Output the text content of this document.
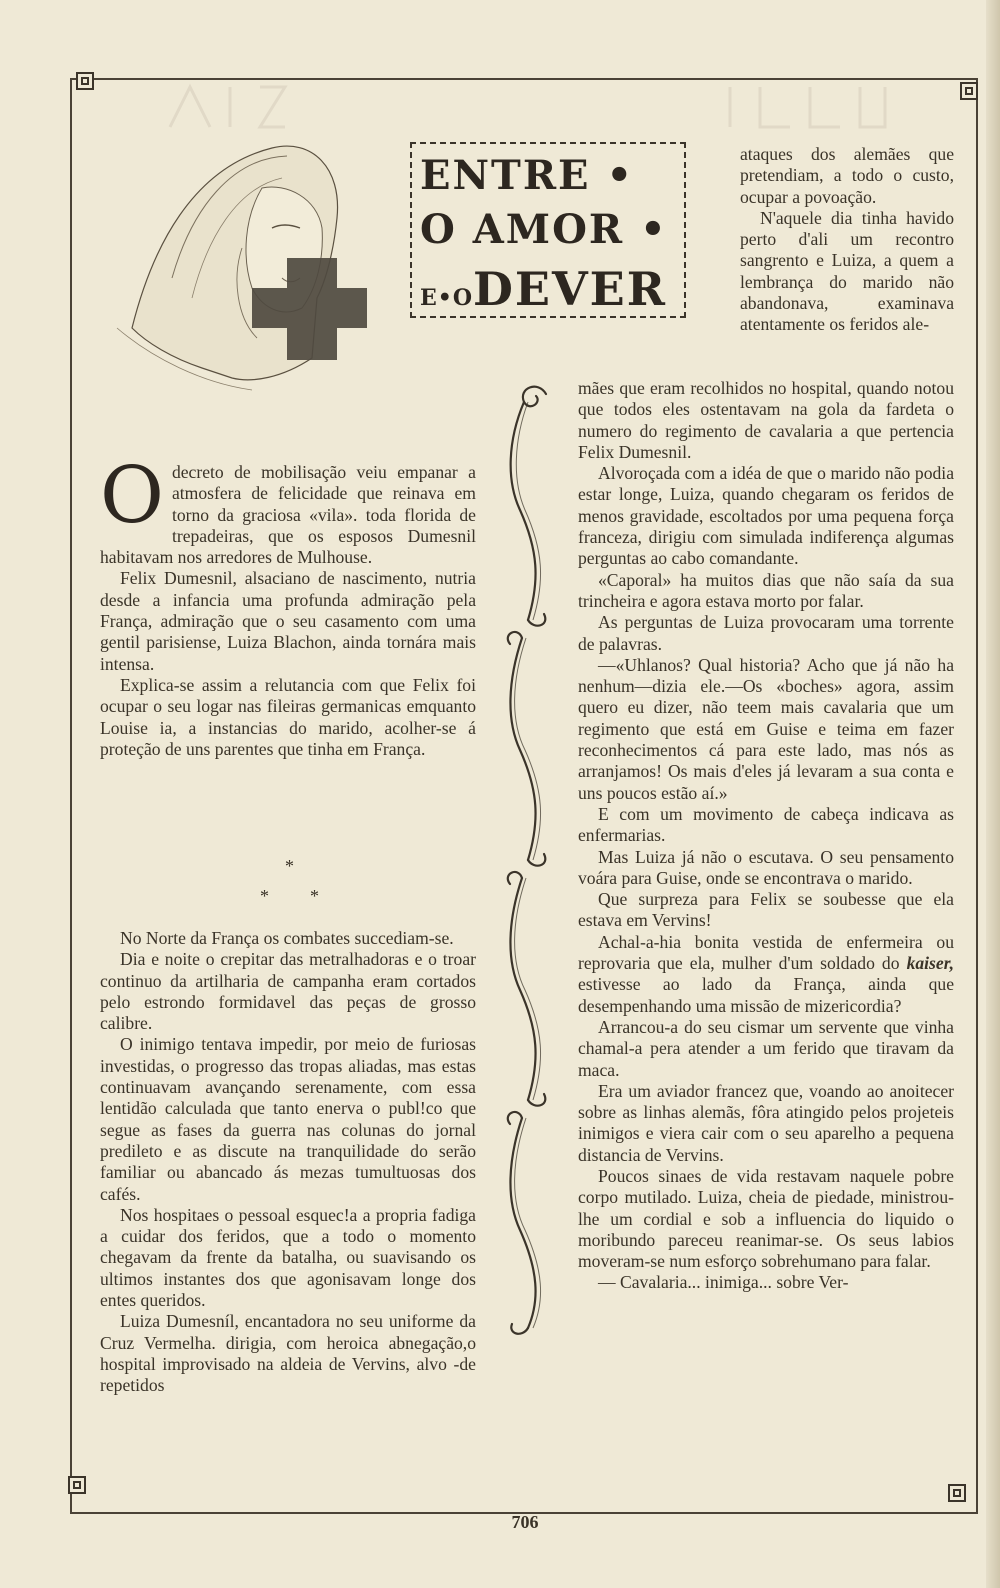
ENTRE •
O AMOR •
E•ODEVER

Odecreto de mobilisação veiu empanar a atmosfera de felicidade que reinava em torno da graciosa «vila». toda florida de trepadeiras, que os esposos Dumesnil habitavam nos arredores de Mulhouse.

Felix Dumesnil, alsaciano de nascimento, nutria desde a infancia uma profunda admiração pela França, admiração que o seu casamento com uma gentil parisiense, Luiza Blachon, ainda tornára mais intensa.

Explica-se assim a relutancia com que Felix foi ocupar o seu logar nas fileiras germanicas emquanto Louise ia, a instancias do marido, acolher-se á proteção de uns parentes que tinha em França.

*
* *

No Norte da França os combates succediam-se.

Dia e noite o crepitar das metralhadoras e o troar continuo da artilharia de campanha eram cortados pelo estrondo formidavel das peças de grosso calibre.

O inimigo tentava impedir, por meio de furiosas investidas, o progresso das tropas aliadas, mas estas continuavam avançando serenamente, com essa lentidão calculada que tanto enerva o publ!co que segue as fases da guerra nas colunas do jornal predileto e as discute na tranquilidade do serão familiar ou abancado ás mezas tumultuosas dos cafés.

Nos hospitaes o pessoal esquec!a a propria fadiga a cuidar dos feridos, que a todo o momento chegavam da frente da batalha, ou suavisando os ultimos instantes dos que agonisavam longe dos entes queridos.

Luiza Dumesníl, encantadora no seu uniforme da Cruz Vermelha. dirigia, com heroica abnegação,o hospital improvisado na aldeia de Vervins, alvo -de repetidos

ataques dos alemães que pretendiam, a todo o custo, ocupar a povoação.

N'aquele dia tinha havido perto d'ali um recontro sangrento e Luiza, a quem a lembrança do marido não abandonava, examinava atentamente os feridos ale-

mães que eram recolhidos no hospital, quando notou que todos eles ostentavam na gola da fardeta o numero do regimento de cavalaria a que pertencia Felix Dumesnil.

Alvoroçada com a idéa de que o marido não podia estar longe, Luiza, quando chegaram os feridos de menos gravidade, escoltados por uma pequena força franceza, dirigiu com simulada indiferença algumas perguntas ao cabo comandante.

«Caporal» ha muitos dias que não saía da sua trincheira e agora estava morto por falar.

As perguntas de Luiza provocaram uma torrente de palavras.

—«Uhlanos? Qual historia? Acho que já não ha nenhum—dizia ele.—Os «boches» agora, assim quero eu dizer, não teem mais cavalaria que um regimento que está em Guise e teima em fazer reconhecimentos cá para este lado, mas nós as arranjamos! Os mais d'eles já levaram a sua conta e uns poucos estão aí.»

E com um movimento de cabeça indicava as enfermarias.

Mas Luiza já não o escutava. O seu pensamento voára para Guise, onde se encontrava o marido.

Que surpreza para Felix se soubesse que ela estava em Vervins!

Achal-a-hia bonita vestida de enfermeira ou reprovaria que ela, mulher d'um soldado do kaiser, estivesse ao lado da França, ainda que desempenhando uma missão de mizericordia?

Arrancou-a do seu cismar um servente que vinha chamal-a pera atender a um ferido que tiravam da maca.

Era um aviador francez que, voando ao anoitecer sobre as linhas alemãs, fôra atingido pelos projeteis inimigos e viera cair com o seu aparelho a pequena distancia de Vervins.

Poucos sinaes de vida restavam naquele pobre corpo mutilado. Luiza, cheia de piedade, ministrou-lhe um cordial e sob a influencia do liquido o moribundo pareceu reanimar-se. Os seus labios moveram-se num esforço sobrehumano para falar.

— Cavalaria... inimiga... sobre Ver-

706
